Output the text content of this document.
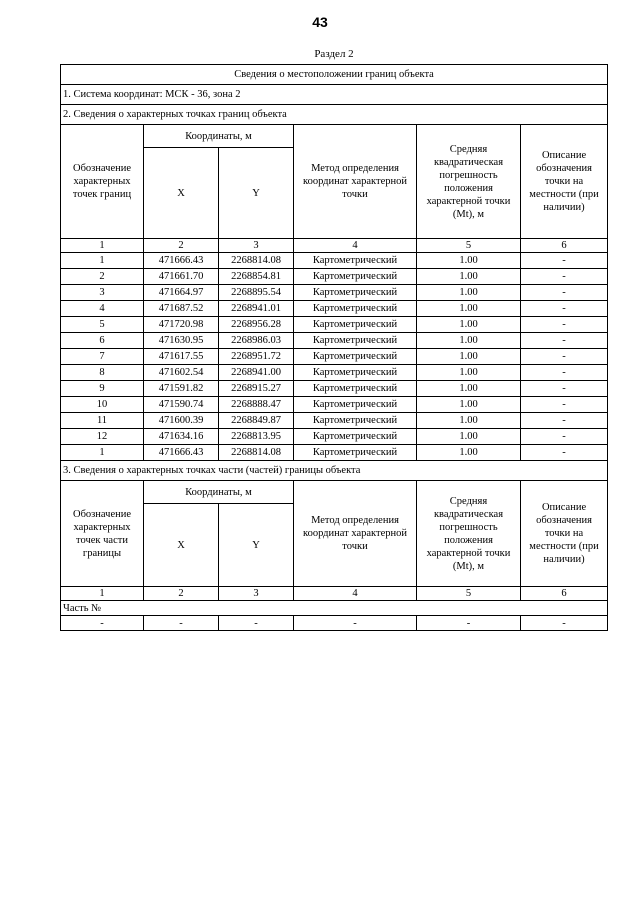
43
Раздел 2
Сведения о местоположении границ объекта					
1. Система координат: МСК - 36, зона 2					
2. Сведения о характерных точках границ объекта					
Обозначение характерных точек границ	Координаты, м		Метод определения координат характерной точки	Средняя квадратическая погрешность положения характерной точки (Mt), м	Описание обозначения точки на местности (при наличии)
	X	Y			
1	2	3	4	5	6
1	471666.43	2268814.08	Картометрический	1.00	-
2	471661.70	2268854.81	Картометрический	1.00	-
3	471664.97	2268895.54	Картометрический	1.00	-
4	471687.52	2268941.01	Картометрический	1.00	-
5	471720.98	2268956.28	Картометрический	1.00	-
6	471630.95	2268986.03	Картометрический	1.00	-
7	471617.55	2268951.72	Картометрический	1.00	-
8	471602.54	2268941.00	Картометрический	1.00	-
9	471591.82	2268915.27	Картометрический	1.00	-
10	471590.74	2268888.47	Картометрический	1.00	-
11	471600.39	2268849.87	Картометрический	1.00	-
12	471634.16	2268813.95	Картометрический	1.00	-
1	471666.43	2268814.08	Картометрический	1.00	-
3. Сведения о характерных точках части (частей) границы объекта					
Обозначение характерных точек части границы	Координаты, м		Метод определения координат характерной точки	Средняя квадратическая погрешность положения характерной точки (Mt), м	Описание обозначения точки на местности (при наличии)
	X	Y			
1	2	3	4	5	6
Часть №					
-	-	-	-	-	-
